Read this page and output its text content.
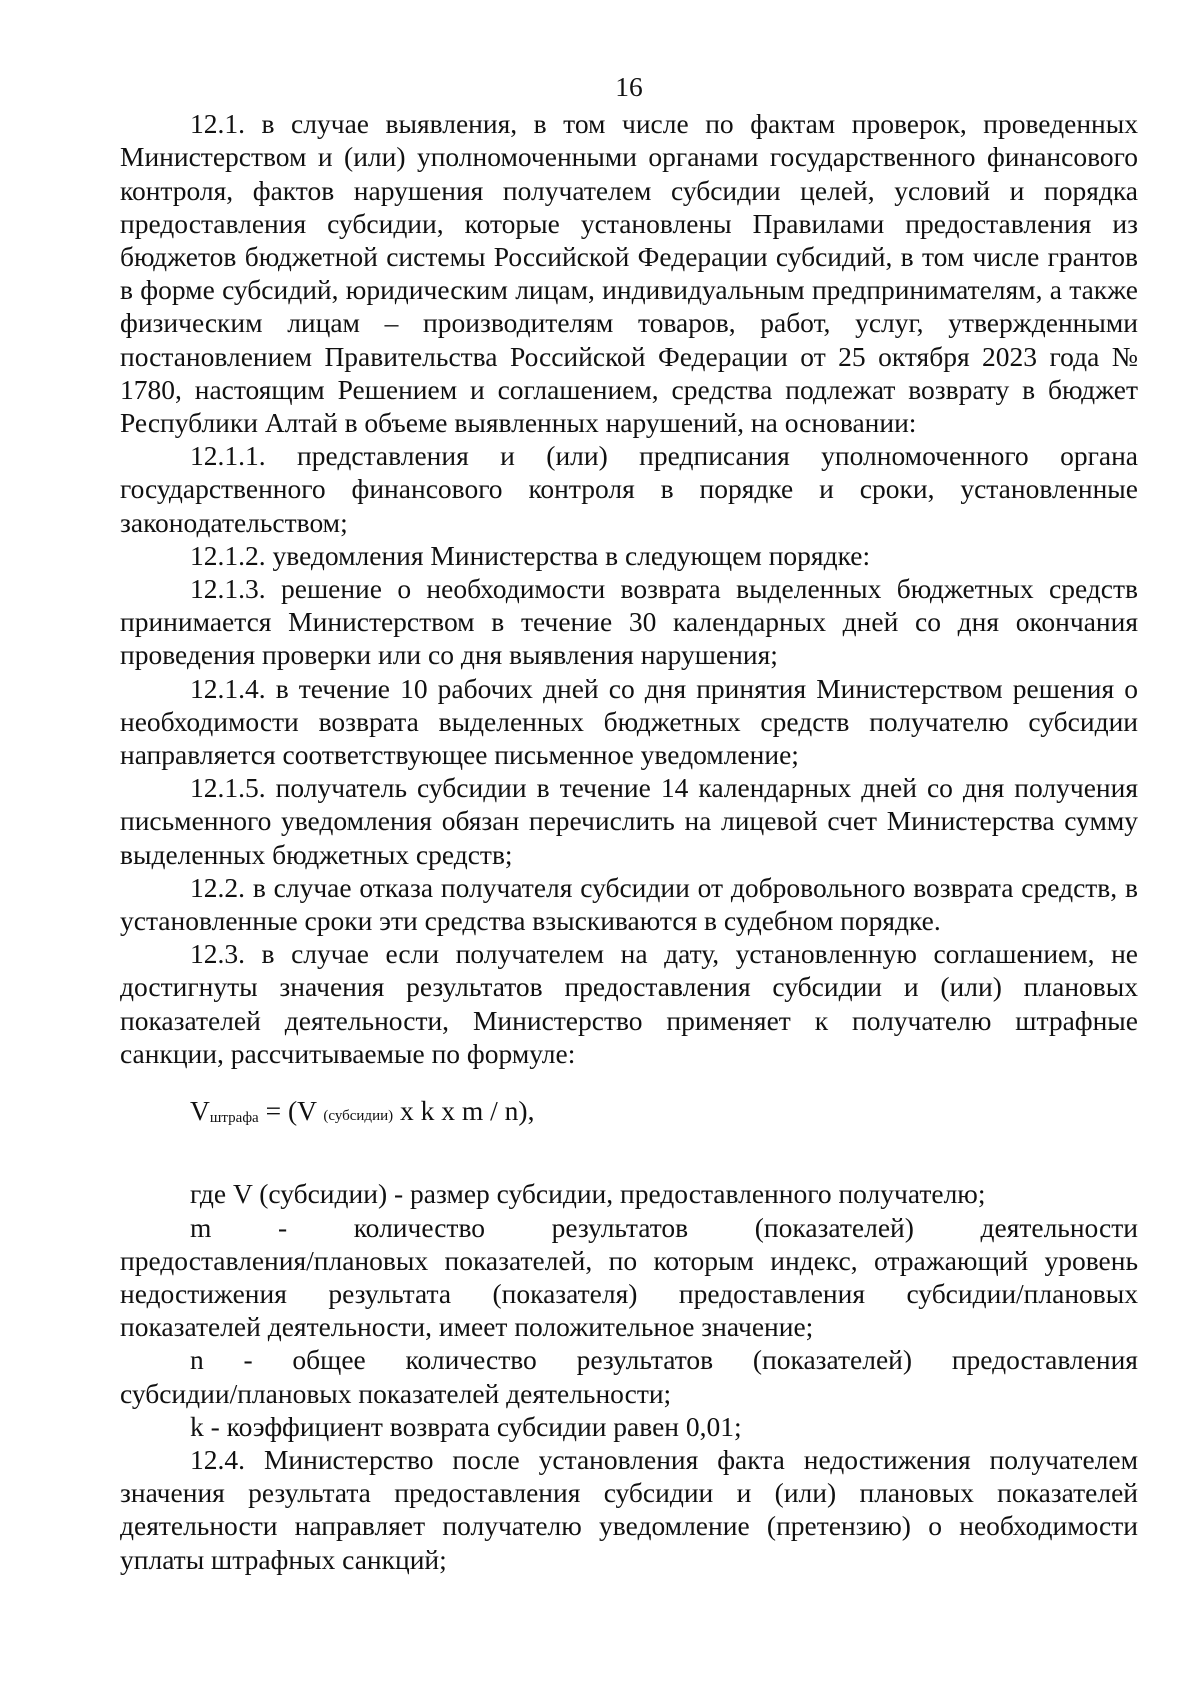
16

12.1. в случае выявления, в том числе по фактам проверок, проведенных Министерством и (или) уполномоченными органами государственного финансового контроля, фактов нарушения получателем субсидии целей, условий и порядка предоставления субсидии, которые установлены Правилами предоставления из бюджетов бюджетной системы Российской Федерации субсидий, в том числе грантов в форме субсидий, юридическим лицам, индивидуальным предпринимателям, а также физическим лицам – производителям товаров, работ, услуг, утвержденными постановлением Правительства Российской Федерации от 25 октября 2023 года № 1780, настоящим Решением и соглашением, средства подлежат возврату в бюджет Республики Алтай в объеме выявленных нарушений, на основании:

12.1.1. представления и (или) предписания уполномоченного органа государственного финансового контроля в порядке и сроки, установленные законодательством;

12.1.2. уведомления Министерства в следующем порядке:

12.1.3. решение о необходимости возврата выделенных бюджетных средств принимается Министерством в течение 30 календарных дней со дня окончания проведения проверки или со дня выявления нарушения;

12.1.4. в течение 10 рабочих дней со дня принятия Министерством решения о необходимости возврата выделенных бюджетных средств получателю субсидии направляется соответствующее письменное уведомление;

12.1.5. получатель субсидии в течение 14 календарных дней со дня получения письменного уведомления обязан перечислить на лицевой счет Министерства сумму выделенных бюджетных средств;

12.2. в случае отказа получателя субсидии от добровольного возврата средств, в установленные сроки эти средства взыскиваются в судебном порядке.

12.3. в случае если получателем на дату, установленную соглашением, не достигнуты значения результатов предоставления субсидии и (или) плановых показателей деятельности, Министерство применяет к получателю штрафные санкции, рассчитываемые по формуле:

$V_{штрафа} = (V$ (субсидии) x k x m / n),

где V (субсидии) - размер субсидии, предоставленного получателю;

m - количество результатов (показателей) деятельности

предоставления/плановых показателей, по которым индекс, отражающий уровень недостижения результата (показателя) предоставления субсидии/плановых показателей деятельности, имеет положительное значение;

n - общее количество результатов (показателей) предоставления

субсидии/плановых показателей деятельности;

k - коэффициент возврата субсидии равен 0,01;

12.4. Министерство после установления факта недостижения получателем значения результата предоставления субсидии и (или) плановых показателей деятельности направляет получателю уведомление (претензию) о необходимости уплаты штрафных санкций;
